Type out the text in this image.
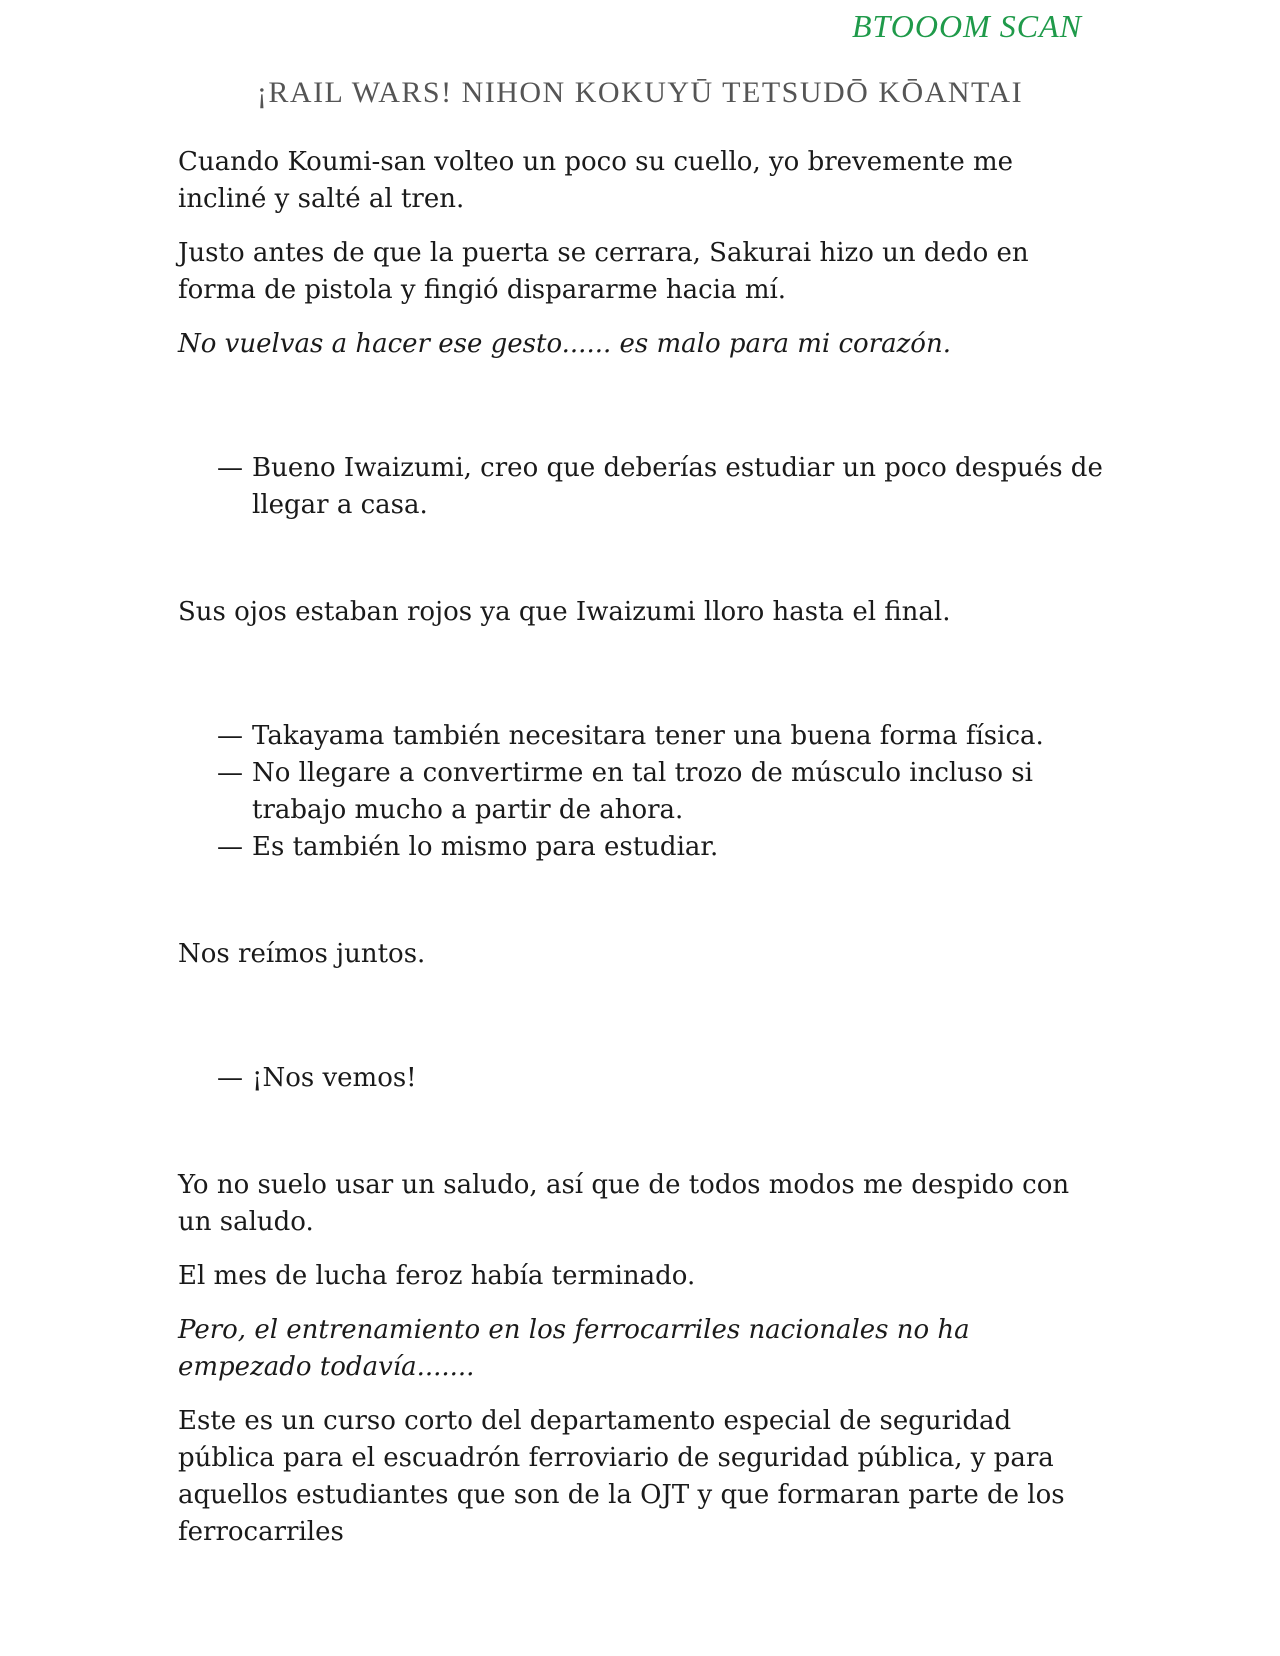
BTOOOM SCAN
¡RAIL WARS! NIHON KOKUYŪ TETSUDŌ KŌANTAI

Cuando Koumi-san volteo un poco su cuello, yo brevemente me incliné y salté al tren.

Justo antes de que la puerta se cerrara, Sakurai hizo un dedo en forma de pistola y fingió dispararme hacia mí.

No vuelvas a hacer ese gesto...... es malo para mi corazón.

— Bueno Iwaizumi, creo que deberías estudiar un poco después de llegar a casa.

Sus ojos estaban rojos ya que Iwaizumi lloro hasta el final.

— Takayama también necesitara tener una buena forma física.
— No llegare a convertirme en tal trozo de músculo incluso si trabajo mucho a partir de ahora.
— Es también lo mismo para estudiar.

Nos reímos juntos.

— ¡Nos vemos!

Yo no suelo usar un saludo, así que de todos modos me despido con un saludo.

El mes de lucha feroz había terminado.

Pero, el entrenamiento en los ferrocarriles nacionales no ha empezado todavía.......

Este es un curso corto del departamento especial de seguridad pública para el escuadrón ferroviario de seguridad pública, y para aquellos estudiantes que son de la OJT y que formaran parte de los ferrocarriles
